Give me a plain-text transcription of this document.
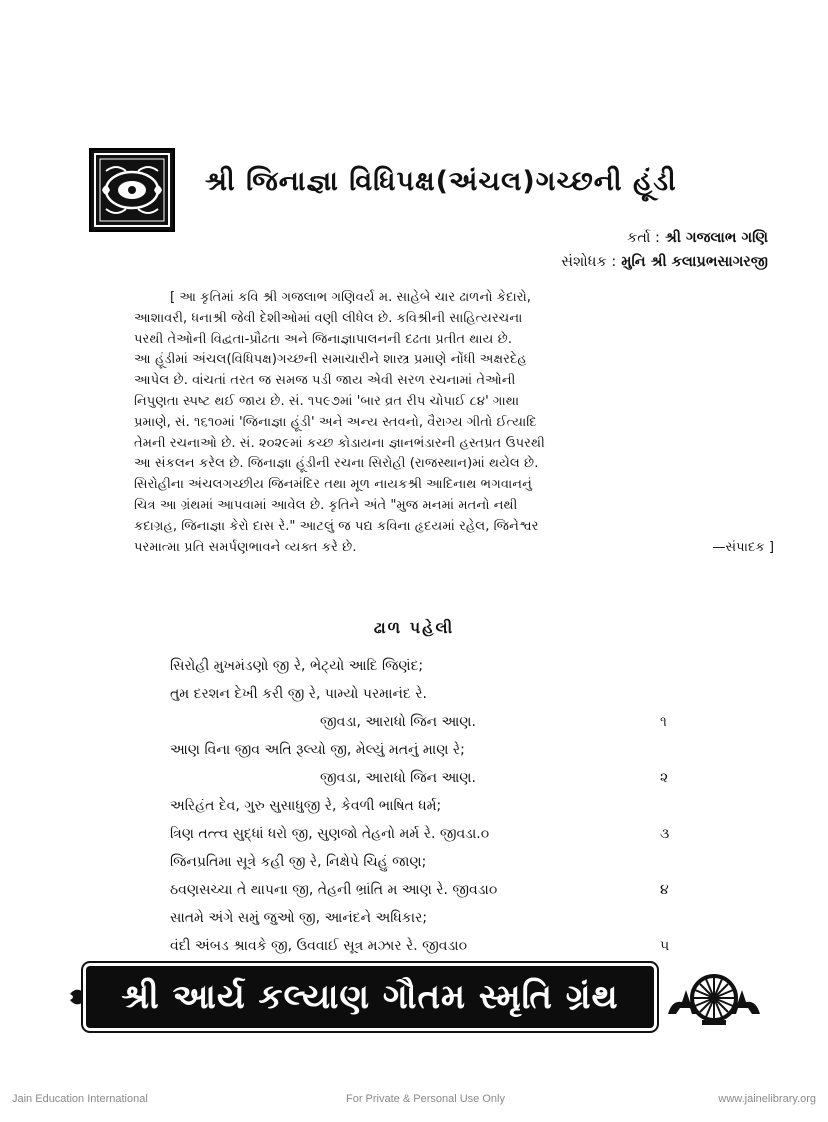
શ્રી જિનાજ્ઞા વિધિપક્ષ(અંચલ)ગચ્છની હૂંડી
કર્તા : શ્રી ગજલાભ ગણિ
સંશોધક : મુનિ શ્રી કલાપ્રભસાગરજી

[ આ કૃતિમાં કવિ શ્રી ગજલાભ ગણિવર્ય મ. સાહેબે ચાર ઢાળનો કેદારો,

આશાવરી, ધનાશ્રી જેવી દેશીઓમાં વણી લીધેલ છે. કવિશ્રીની સાહિત્યરચના

પરથી તેઓની વિદ્વતા-પ્રૌઢતા અને જિનાજ્ઞાપાલનની દઢતા પ્રતીત થાય છે.

આ હૂંડીમાં અંચલ(વિધિપક્ષ)ગચ્છની સમાચારીને શાસ્ત્ર પ્રમાણે નોંધી અક્ષરદેહ

આપેલ છે. વાંચતાં તરત જ સમજ પડી જાય એવી સરળ રચનામાં તેઓની

નિપુણતા સ્પષ્ટ થઈ જાય છે. સં. ૧૫૯૭માં 'બાર વ્રત રીપ ચોપાઈ ૮૪' ગાથા

પ્રમાણે, સં. ૧૬૧૦માં 'જિનાજ્ઞા હૂંડી' અને અન્ય સ્તવનો, વૈરાગ્ય ગીતો ઈત્યાદિ

તેમની રચનાઓ છે. સં. ૨૦૨૯માં કચ્છ કોડાયના જ્ઞાનભંડારની હસ્તપ્રત ઉપરથી

આ સંકલન કરેલ છે. જિનાજ્ઞા હૂંડીની રચના સિરોહી (રાજસ્થાન)માં થયેલ છે.

સિરોહીના અંચલગચ્છીય જિનમંદિર તથા મૂળ નાયકશ્રી આદિનાથ ભગવાનનું

ચિત્ર આ ગ્રંથમાં આપવામાં આવેલ છે. કૃતિને અંતે "મુજ મનમાં મતનો નથી

કદાગ્રહ, જિનાજ્ઞા કેરો દાસ રે." આટલું જ પદ્ય કવિના હૃદયમાં રહેલ, જિનેશ્વર

પરમાત્મા પ્રતિ સમર્પણભાવને વ્યક્ત કરે છે.	—સંપાદક ]

ઢાળ પહેલી
સિરોહી મુખમંડણો જી રે, ભેટ્યો આદિ જિણંદ;
તુમ દરશન દેખી કરી જી રે, પામ્યો પરમાનંદ રે.
જીવડા, આરાધો જિન આણ.	૧
આણ વિના જીવ અતિ રૂલ્યો જી, મેલ્યું મતનું માણ રે;
જીવડા, આરાધો જિન આણ.	૨
અરિહંત દેવ, ગુરુ સુસાધુજી રે, કેવળી ભાષિત ધર્મ;
ત્રિણ તત્ત્વ સુદ્ધાં ધરો જી, સુણજો તેહનો મર્મ રે. જીવડા.૦	૩
જિનપ્રતિમા સૂત્રે કહી જી રે, નિક્ષેપે ચિહું જાણ;
ઠવણસચ્ચા તે થાપના જી, તેહની ભ્રાંતિ મ આણ રે. જીવડા૦	૪
સાતમે અંગે સમું જુઓ જી, આનંદને અધિકાર;
વંદી અંબડ શ્રાવકે જી, ઉવવાઈ સૂત્ર મઝાર રે. જીવડા૦	૫
શ્રી આર્ય કલ્યાણ ગૌતમ સ્મૃતિ ગ્રંથ
Jain Education International	For Private & Personal Use Only	www.jainelibrary.org
